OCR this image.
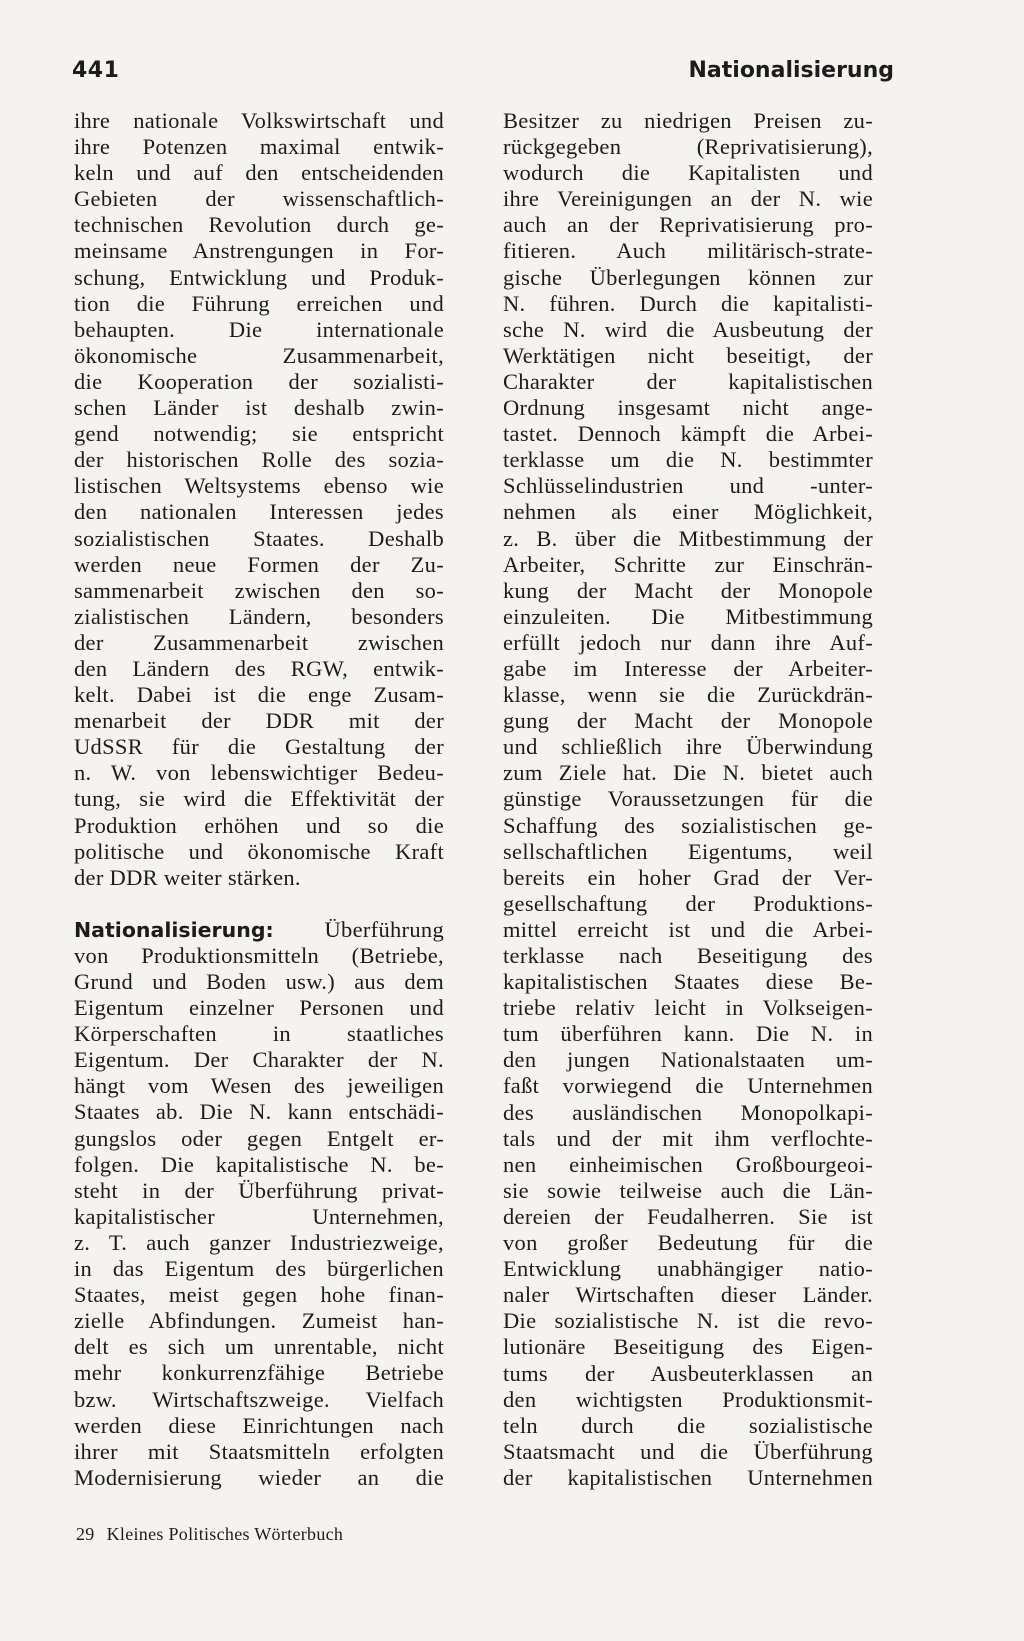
441	Nationalisierung
ihre nationale Volkswirtschaft und
ihre Potenzen maximal entwik-
keln und auf den entscheidenden
Gebieten der wissenschaftlich-
technischen Revolution durch ge-
meinsame Anstrengungen in For-
schung, Entwicklung und Produk-
tion die Führung erreichen und
behaupten. Die internationale
ökonomische Zusammenarbeit,
die Kooperation der sozialisti-
schen Länder ist deshalb zwin-
gend notwendig; sie entspricht
der historischen Rolle des sozia-
listischen Weltsystems ebenso wie
den nationalen Interessen jedes
sozialistischen Staates. Deshalb
werden neue Formen der Zu-
sammenarbeit zwischen den so-
zialistischen Ländern, besonders
der Zusammenarbeit zwischen
den Ländern des RGW, entwik-
kelt. Dabei ist die enge Zusam-
menarbeit der DDR mit der
UdSSR für die Gestaltung der
n. W. von lebenswichtiger Bedeu-
tung, sie wird die Effektivität der
Produktion erhöhen und so die
politische und ökonomische Kraft
der DDR weiter stärken.
Nationalisierung: Überführung
von Produktionsmitteln (Betriebe,
Grund und Boden usw.) aus dem
Eigentum einzelner Personen und
Körperschaften in staatliches
Eigentum. Der Charakter der N.
hängt vom Wesen des jeweiligen
Staates ab. Die N. kann entschädi-
gungslos oder gegen Entgelt er-
folgen. Die kapitalistische N. be-
steht in der Überführung privat-
kapitalistischer Unternehmen,
z. T. auch ganzer Industriezweige,
in das Eigentum des bürgerlichen
Staates, meist gegen hohe finan-
zielle Abfindungen. Zumeist han-
delt es sich um unrentable, nicht
mehr konkurrenzfähige Betriebe
bzw. Wirtschaftszweige. Vielfach
werden diese Einrichtungen nach
ihrer mit Staatsmitteln erfolgten
Modernisierung wieder an die
Besitzer zu niedrigen Preisen zu-
rückgegeben (Reprivatisierung),
wodurch die Kapitalisten und
ihre Vereinigungen an der N. wie
auch an der Reprivatisierung pro-
fitieren. Auch militärisch-strate-
gische Überlegungen können zur
N. führen. Durch die kapitalisti-
sche N. wird die Ausbeutung der
Werktätigen nicht beseitigt, der
Charakter der kapitalistischen
Ordnung insgesamt nicht ange-
tastet. Dennoch kämpft die Arbei-
terklasse um die N. bestimmter
Schlüsselindustrien und -unter-
nehmen als einer Möglichkeit,
z. B. über die Mitbestimmung der
Arbeiter, Schritte zur Einschrän-
kung der Macht der Monopole
einzuleiten. Die Mitbestimmung
erfüllt jedoch nur dann ihre Auf-
gabe im Interesse der Arbeiter-
klasse, wenn sie die Zurückdrän-
gung der Macht der Monopole
und schließlich ihre Überwindung
zum Ziele hat. Die N. bietet auch
günstige Voraussetzungen für die
Schaffung des sozialistischen ge-
sellschaftlichen Eigentums, weil
bereits ein hoher Grad der Ver-
gesellschaftung der Produktions-
mittel erreicht ist und die Arbei-
terklasse nach Beseitigung des
kapitalistischen Staates diese Be-
triebe relativ leicht in Volkseigen-
tum überführen kann. Die N. in
den jungen Nationalstaaten um-
faßt vorwiegend die Unternehmen
des ausländischen Monopolkapi-
tals und der mit ihm verflochte-
nen einheimischen Großbourgeoi-
sie sowie teilweise auch die Län-
dereien der Feudalherren. Sie ist
von großer Bedeutung für die
Entwicklung unabhängiger natio-
naler Wirtschaften dieser Länder.
Die sozialistische N. ist die revo-
lutionäre Beseitigung des Eigen-
tums der Ausbeuterklassen an
den wichtigsten Produktionsmit-
teln durch die sozialistische
Staatsmacht und die Überführung
der kapitalistischen Unternehmen
29 Kleines Politisches Wörterbuch
